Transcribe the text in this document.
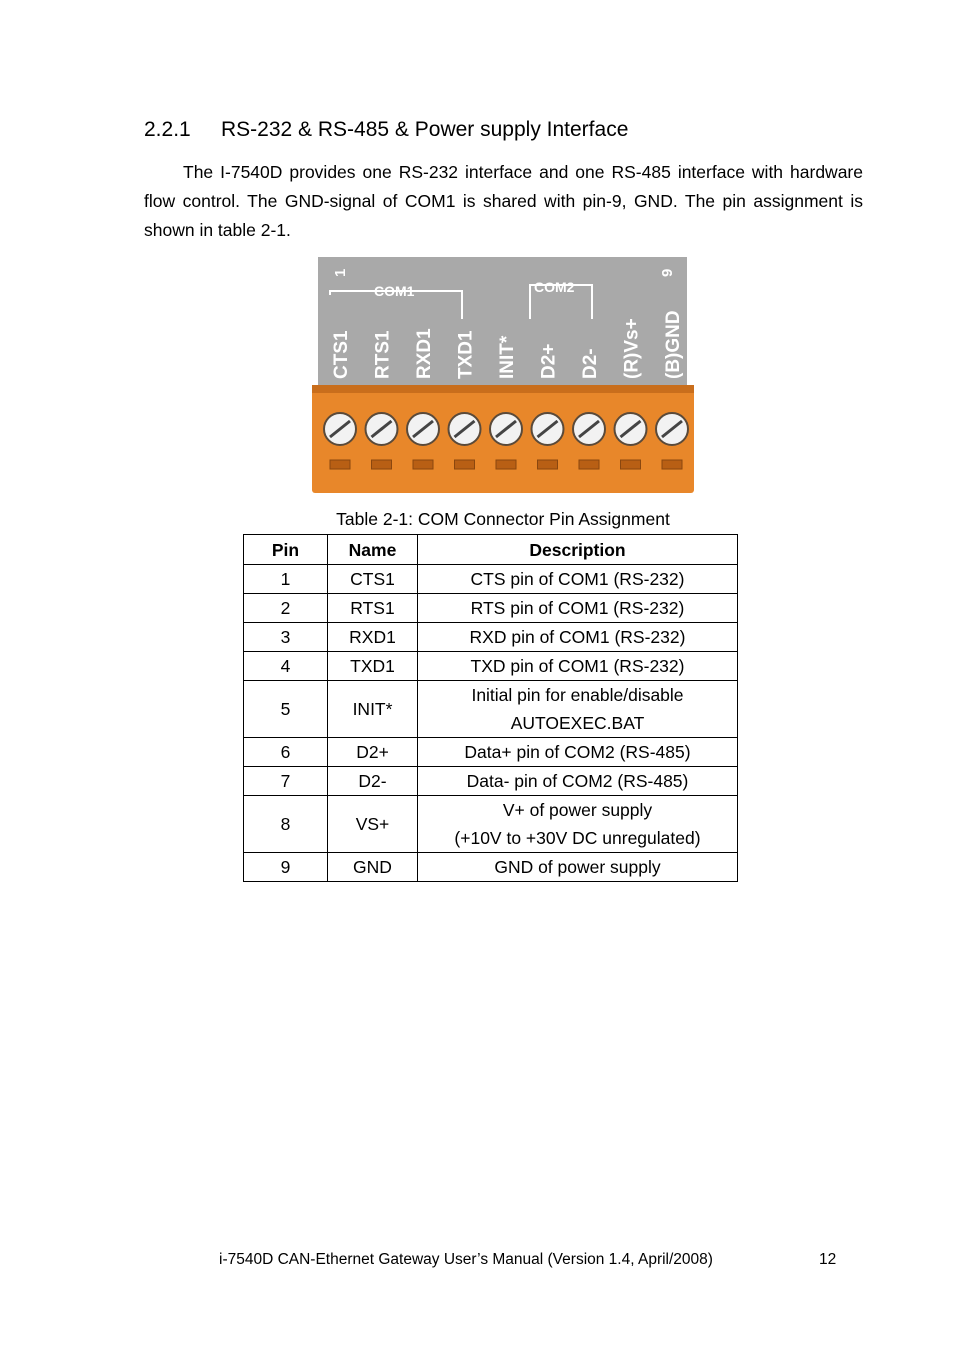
2.2.1 RS-232 & RS-485 & Power supply Interface

The I-7540D provides one RS-232 interface and one RS-485 interface with hardware flow control. The GND-signal of COM1 is shared with pin-9, GND. The pin assignment is shown in table 2-1.

CTS1 RTS1 RXD1 TXD1 INIT* D2+ D2- (R)Vs+ (B)GND
COM1	COM2
1	9
Table 2-1: COM Connector Pin Assignment
Pin	Name	Description
1	CTS1	CTS pin of COM1 (RS-232)

2	RTS1	RTS pin of COM1 (RS-232)

3	RXD1	RXD pin of COM1 (RS-232)

4	TXD1	TXD pin of COM1 (RS-232)

5	INIT*	Initial pin for enable/disable
AUTOEXEC.BAT

6	D2+	Data+ pin of COM2 (RS-485)

7	D2-	Data- pin of COM2 (RS-485)

8	VS+	V+ of power supply
(+10V to +30V DC unregulated)

9	GND	GND of power supply
i-7540D CAN-Ethernet Gateway User’s Manual (Version 1.4, April/2008)	12
